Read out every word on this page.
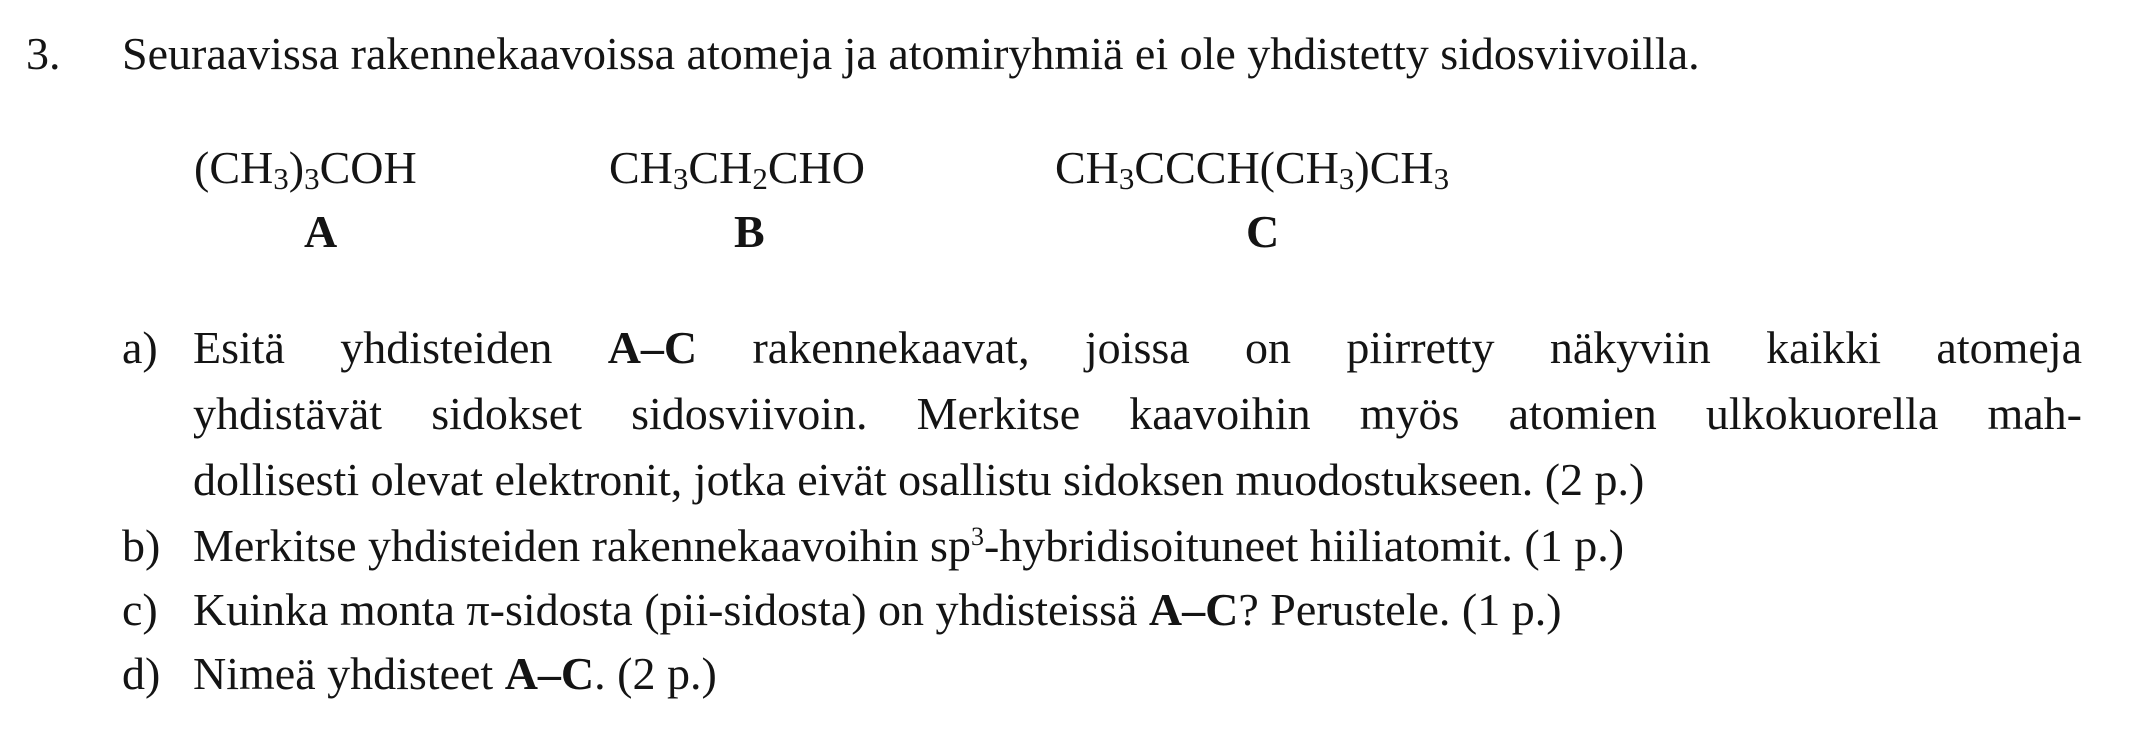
3. Seuraavissa rakennekaavoissa atomeja ja atomiryhmiä ei ole yhdistetty sidosviivoilla.
$(CH_3)_3COH$	$CH_3CH_2CHO$	$CH_3CCCH(CH_3)CH_3$
A	B	C
a) Esitä yhdisteiden A–C rakennekaavat, joissa on piirretty näkyviin kaikki atomeja
yhdistävät sidokset sidosviivoin. Merkitse kaavoihin myös atomien ulkokuorella mah-
dollisesti olevat elektronit, jotka eivät osallistu sidoksen muodostukseen. (2 p.)
b) Merkitse yhdisteiden rakennekaavoihin $sp^3$-hybridisoituneet hiiliatomit. (1 p.)
c) Kuinka monta π-sidosta (pii-sidosta) on yhdisteissä A–C? Perustele. (1 p.)
d) Nimeä yhdisteet A–C. (2 p.)
